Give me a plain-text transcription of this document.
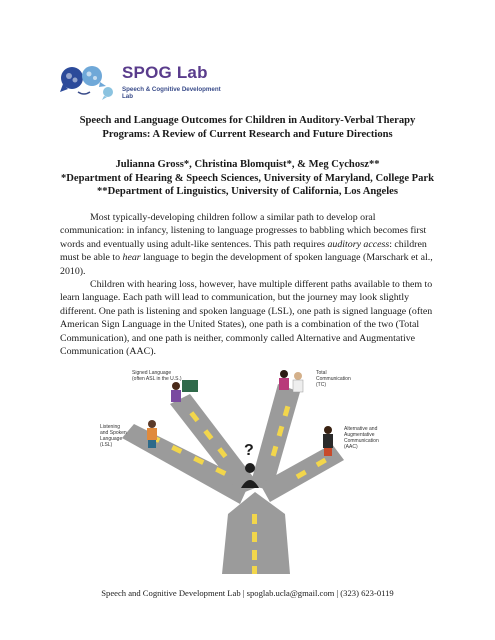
SPOG Lab
Speech & Cognitive Development Lab
Speech and Language Outcomes for Children in Auditory-Verbal Therapy
Programs: A Review of Current Research and Future Directions
Julianna Gross*, Christina Blomquist*, & Meg Cychosz**
*Department of Hearing & Speech Sciences, University of Maryland, College Park
**Department of Linguistics, University of California, Los Angeles
Most typically-developing children follow a similar path to develop oral communication: in infancy, listening to language progresses to babbling which becomes first words and eventually using adult-like sentences. This path requires auditory access: children must be able to hear language to begin the development of spoken language (Marschark et al., 2010).
Children with hearing loss, however, have multiple different paths available to them to learn language. Each path will lead to communication, but the journey may look slightly different. One path is listening and spoken language (LSL), one path is signed language (often American Sign Language in the United States), one path is a combination of the two (Total Communication), and one path is neither, commonly called Alternative and Augmentative Communication (AAC).
Listening
and Spoken
Language
(LSL)
Signed Language
(often ASL in the U.S.)
Total
Communication
(TC)
Alternative and
Augmentative
Communication
(AAC)
?
Speech and Cognitive Development Lab | spoglab.ucla@gmail.com | (323) 623-0119
